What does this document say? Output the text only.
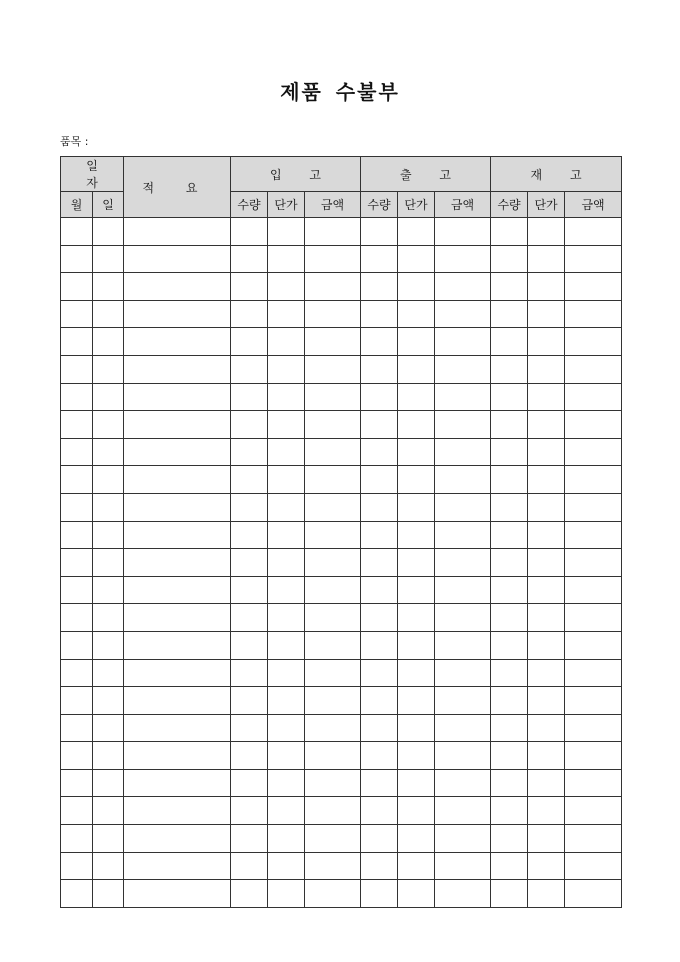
제품 수불부
품목 :
일 자		적 요	입 고			출 고			재 고		
월	일		수량	단가	금액	수량	단가	금액	수량	단가	금액
